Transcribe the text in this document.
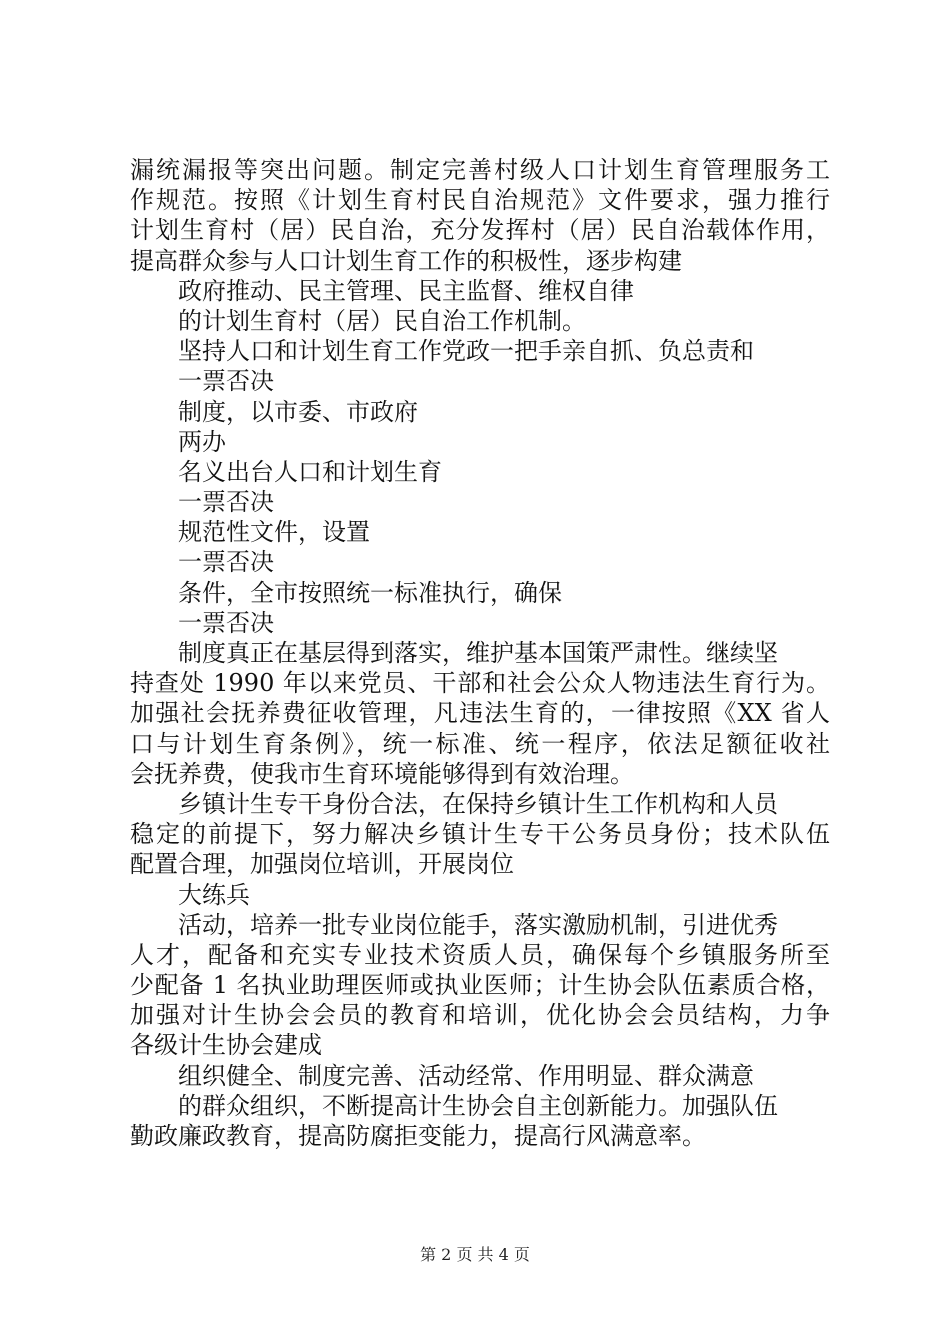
漏统漏报等突出问题。制定完善村级人口计划生育管理服务工
作规范。按照《计划生育村民自治规范》文件要求，强力推行
计划生育村（居）民自治，充分发挥村（居）民自治载体作用，
提高群众参与人口计划生育工作的积极性，逐步构建
政府推动、民主管理、民主监督、维权自律
的计划生育村（居）民自治工作机制。
坚持人口和计划生育工作党政一把手亲自抓、负总责和
一票否决
制度，以市委、市政府
两办
名义出台人口和计划生育
一票否决
规范性文件，设置
一票否决
条件，全市按照统一标准执行，确保
一票否决
制度真正在基层得到落实，维护基本国策严肃性。继续坚
持查处 1990 年以来党员、干部和社会公众人物违法生育行为。
加强社会抚养费征收管理，凡违法生育的，一律按照《XX 省人
口与计划生育条例》，统一标准、统一程序，依法足额征收社
会抚养费，使我市生育环境能够得到有效治理。
乡镇计生专干身份合法，在保持乡镇计生工作机构和人员
稳定的前提下，努力解决乡镇计生专干公务员身份；技术队伍
配置合理，加强岗位培训，开展岗位
大练兵
活动，培养一批专业岗位能手，落实激励机制，引进优秀
人才，配备和充实专业技术资质人员，确保每个乡镇服务所至
少配备 1 名执业助理医师或执业医师；计生协会队伍素质合格，
加强对计生协会会员的教育和培训，优化协会会员结构，力争
各级计生协会建成
组织健全、制度完善、活动经常、作用明显、群众满意
的群众组织，不断提高计生协会自主创新能力。加强队伍
勤政廉政教育，提高防腐拒变能力，提高行风满意率。
第 2 页 共 4 页
